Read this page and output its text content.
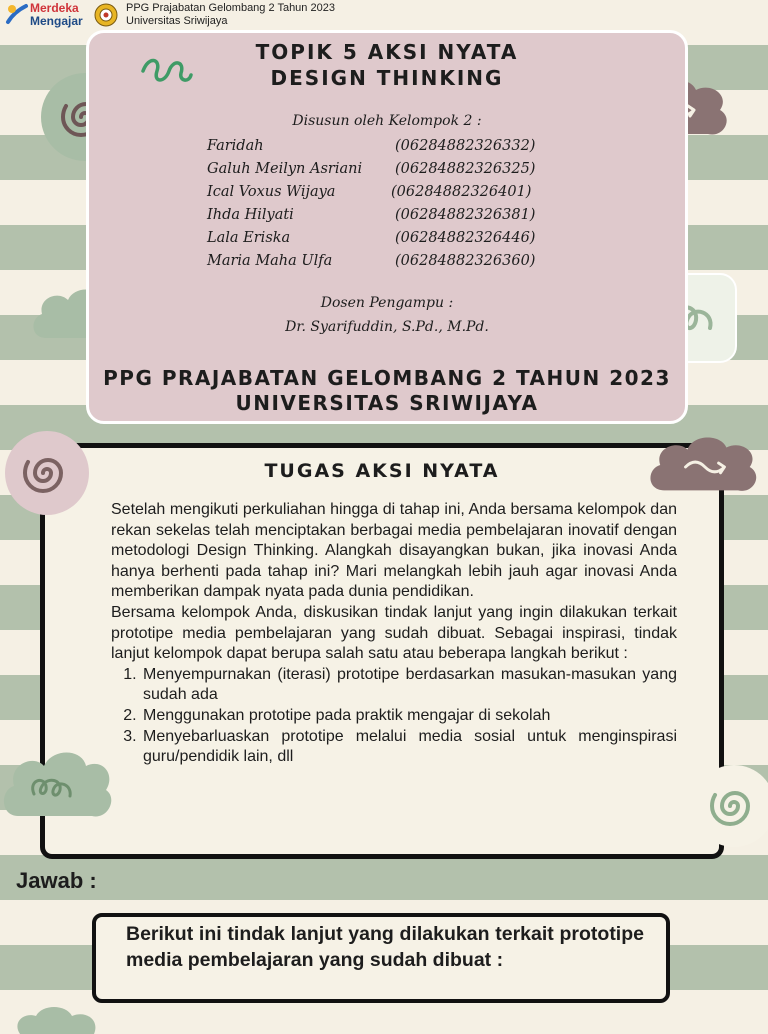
Merdeka
Mengajar
PPG Prajabatan Gelombang 2 Tahun 2023
Universitas Sriwijaya
TOPIK 5 AKSI NYATA
DESIGN THINKING
Disusun oleh Kelompok 2 :
Faridah	(06284882326332)
Galuh Meilyn Asriani (06284882326325)
Ical Voxus Wijaya	(06284882326401)
Ihda Hilyati	(06284882326381)
Lala Eriska	(06284882326446)
Maria Maha Ulfa	(06284882326360)
Dosen Pengampu :
Dr. Syarifuddin, S.Pd., M.Pd.
PPG PRAJABATAN GELOMBANG 2 TAHUN 2023
UNIVERSITAS SRIWIJAYA
TUGAS AKSI NYATA

Setelah mengikuti perkuliahan hingga di tahap ini, Anda bersama kelompok dan rekan sekelas telah menciptakan berbagai media pembelajaran inovatif dengan metodologi Design Thinking. Alangkah disayangkan bukan, jika inovasi Anda hanya berhenti pada tahap ini? Mari melangkah lebih jauh agar inovasi Anda memberikan dampak nyata pada dunia pendidikan.

Bersama kelompok Anda, diskusikan tindak lanjut yang ingin dilakukan terkait prototipe media pembelajaran yang sudah dibuat. Sebagai inspirasi, tindak lanjut kelompok dapat berupa salah satu atau beberapa langkah berikut :

1. Menyempurnakan (iterasi) prototipe berdasarkan masukan-masukan yang sudah ada
2. Menggunakan prototipe pada praktik mengajar di sekolah
3. Menyebarluaskan prototipe melalui media sosial untuk menginspirasi guru/pendidik lain, dll
Jawab :
Berikut ini tindak lanjut yang dilakukan terkait prototipe media pembelajaran yang sudah dibuat :
